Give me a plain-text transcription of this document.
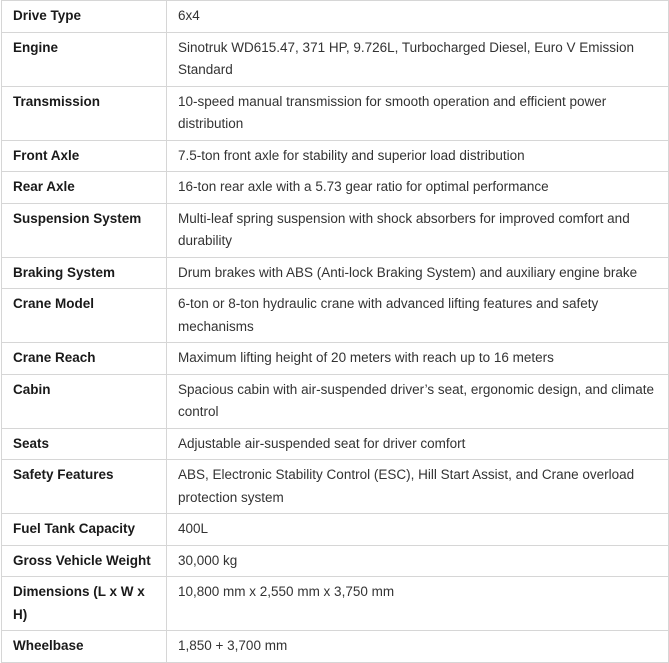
Drive Type	6x4
Engine	Sinotruk WD615.47, 371 HP, 9.726L, Turbocharged Diesel, Euro V Emission Standard
Transmission	10-speed manual transmission for smooth operation and efficient power distribution
Front Axle	7.5-ton front axle for stability and superior load distribution
Rear Axle	16-ton rear axle with a 5.73 gear ratio for optimal performance
Suspension System	Multi-leaf spring suspension with shock absorbers for improved comfort and durability
Braking System	Drum brakes with ABS (Anti-lock Braking System) and auxiliary engine brake
Crane Model	6-ton or 8-ton hydraulic crane with advanced lifting features and safety mechanisms
Crane Reach	Maximum lifting height of 20 meters with reach up to 16 meters
Cabin	Spacious cabin with air-suspended driver’s seat, ergonomic design, and climate control
Seats	Adjustable air-suspended seat for driver comfort
Safety Features	ABS, Electronic Stability Control (ESC), Hill Start Assist, and Crane overload protection system
Fuel Tank Capacity	400L
Gross Vehicle Weight	30,000 kg
Dimensions (L x W x H)	10,800 mm x 2,550 mm x 3,750 mm
Wheelbase	1,850 + 3,700 mm
